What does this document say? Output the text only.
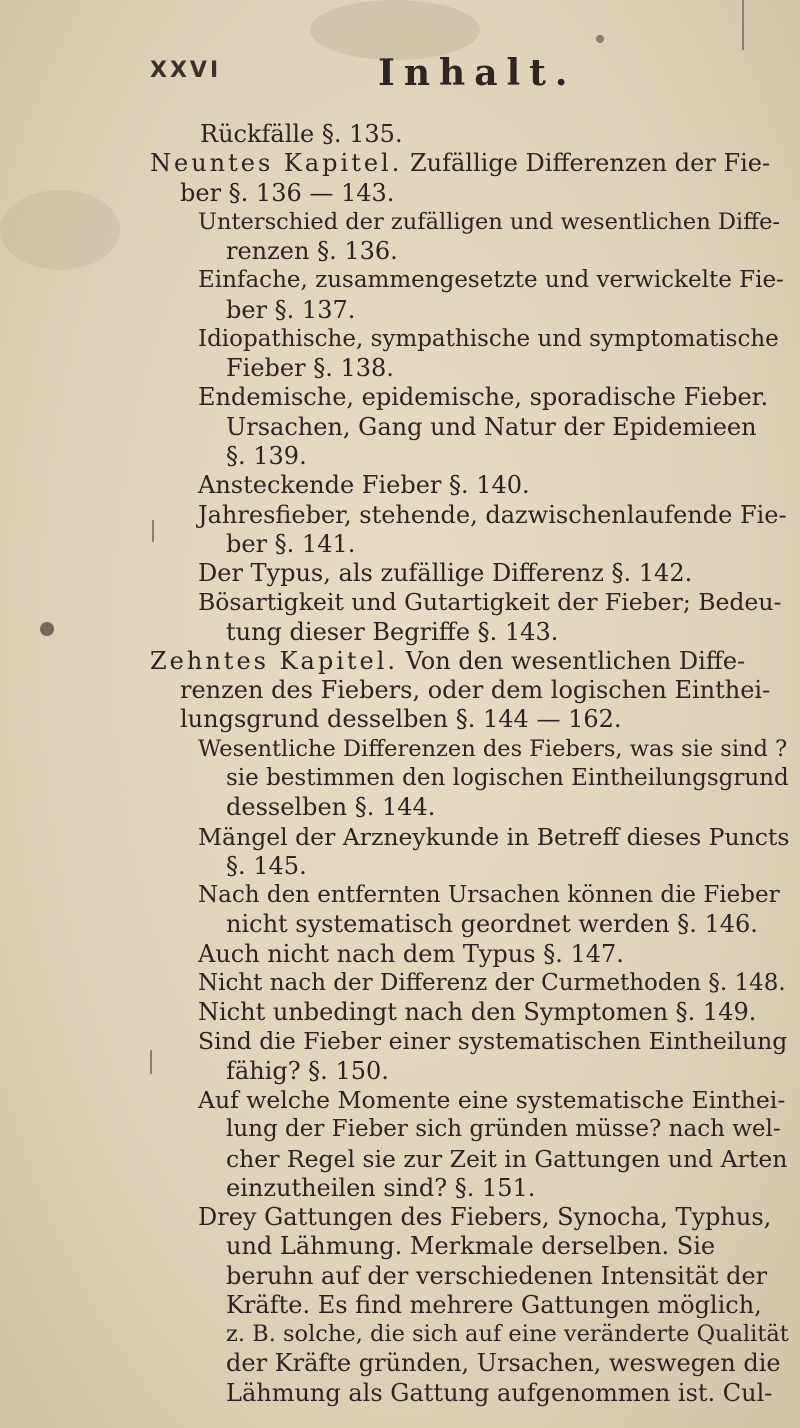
XXVI	Inhalt.
Rückfälle §. 135.
Neuntes Kapitel. Zufällige Differenzen der Fie-
ber §. 136 — 143.
Unterschied der zufälligen und wesentlichen Diffe-
renzen §. 136.
Einfache, zusammengesetzte und verwickelte Fie-
ber §. 137.
Idiopathische, sympathische und symptomatische
Fieber §. 138.
Endemische, epidemische, sporadische Fieber.
Ursachen, Gang und Natur der Epidemieen
§. 139.
Ansteckende Fieber §. 140.
Jahresfieber, stehende, dazwischenlaufende Fie-
ber §. 141.
Der Typus, als zufällige Differenz §. 142.
Bösartigkeit und Gutartigkeit der Fieber; Bedeu-
tung dieser Begriffe §. 143.
Zehntes Kapitel. Von den wesentlichen Diffe-
renzen des Fiebers, oder dem logischen Einthei-
lungsgrund desselben §. 144 — 162.
Wesentliche Differenzen des Fiebers, was sie sind ?
sie bestimmen den logischen Eintheilungsgrund
desselben §. 144.
Mängel der Arzneykunde in Betreff dieses Puncts
§. 145.
Nach den entfernten Ursachen können die Fieber
nicht systematisch geordnet werden §. 146.
Auch nicht nach dem Typus §. 147.
Nicht nach der Differenz der Curmethoden §. 148.
Nicht unbedingt nach den Symptomen §. 149.
Sind die Fieber einer systematischen Eintheilung
fähig? §. 150.
Auf welche Momente eine systematische Einthei-
lung der Fieber sich gründen müsse? nach wel-
cher Regel sie zur Zeit in Gattungen und Arten
einzutheilen sind? §. 151.
Drey Gattungen des Fiebers, Synocha, Typhus,
und Lähmung. Merkmale derselben. Sie
beruhn auf der verschiedenen Intensität der
Kräfte. Es find mehrere Gattungen möglich,
z. B. solche, die sich auf eine veränderte Qualität
der Kräfte gründen, Ursachen, weswegen die
Lähmung als Gattung aufgenommen ist. Cul-
